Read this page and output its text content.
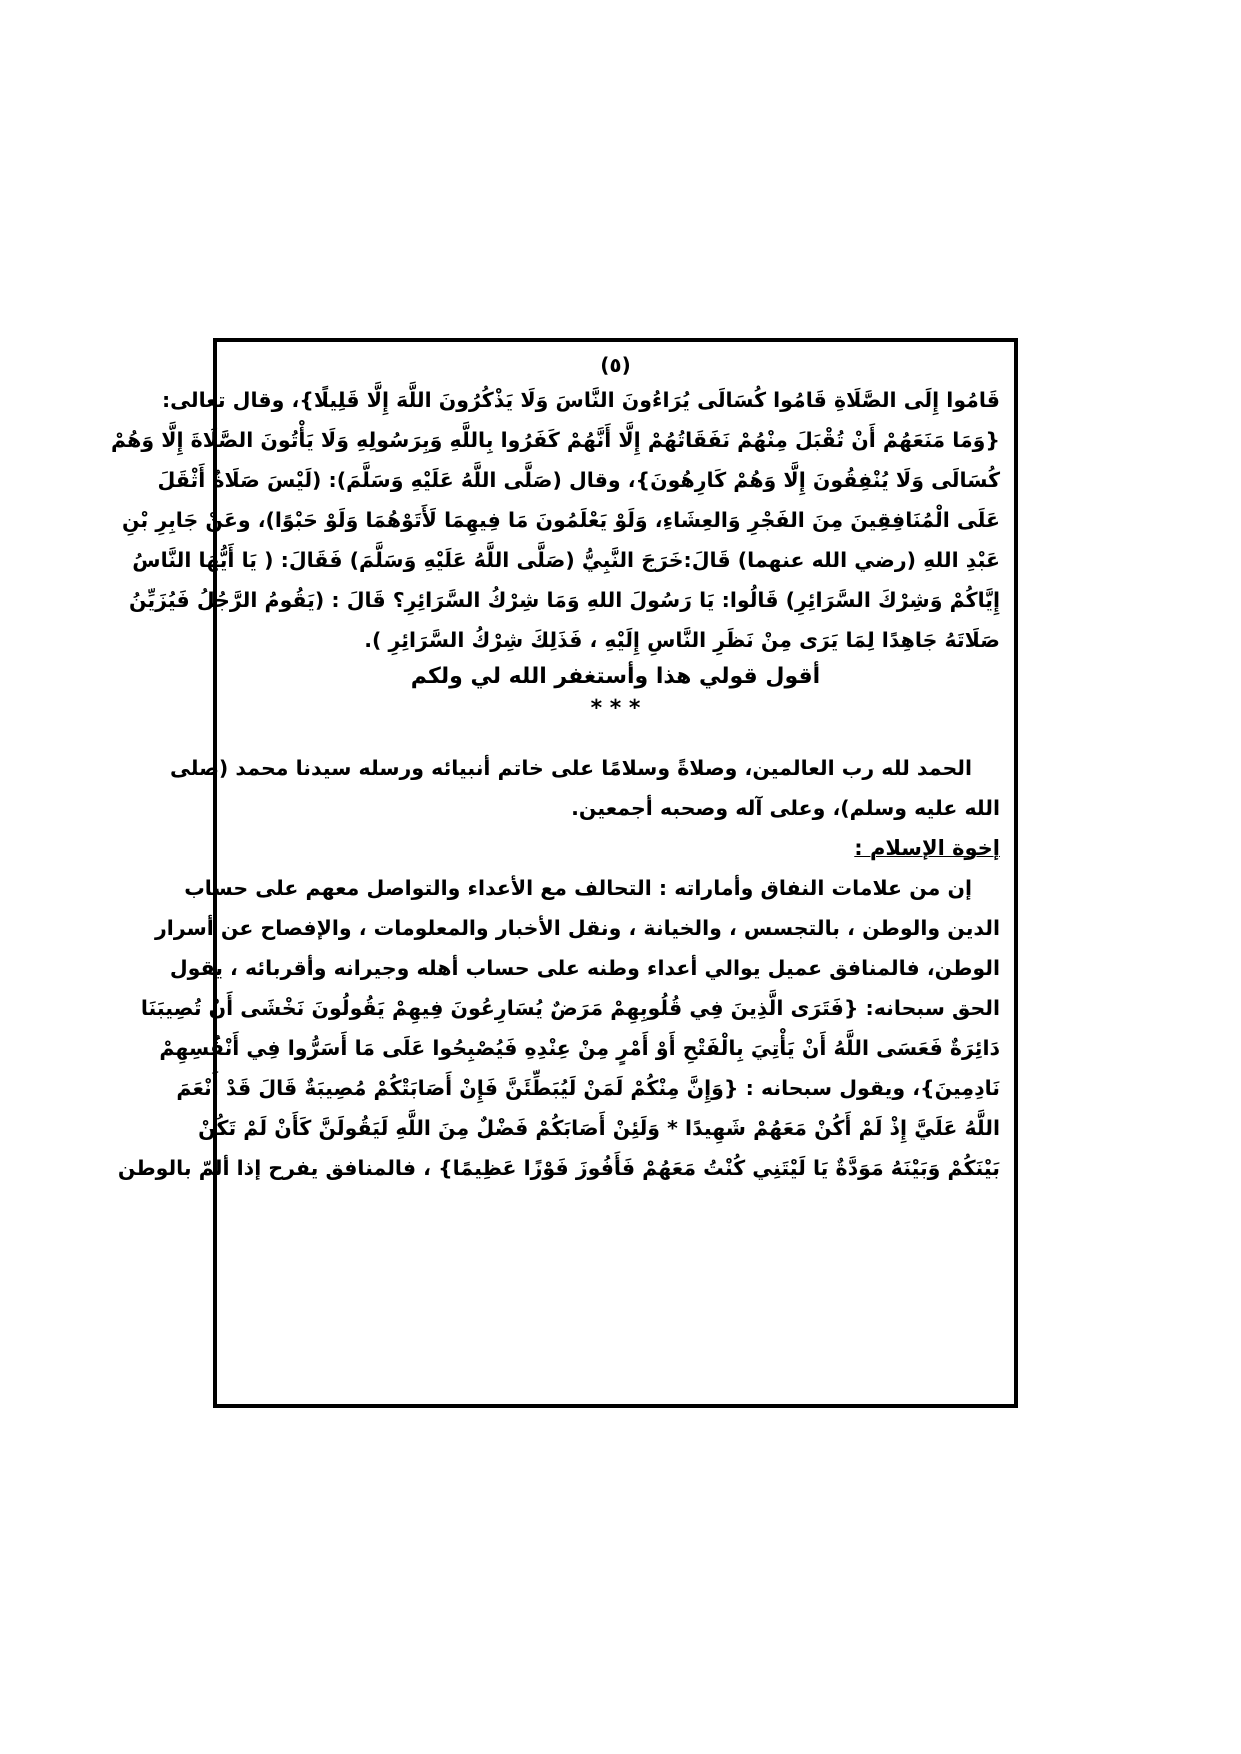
(٥)
قَامُوا إِلَى الصَّلَاةِ قَامُوا كُسَالَى يُرَاءُونَ النَّاسَ وَلَا يَذْكُرُونَ اللَّهَ إِلَّا قَلِيلًا}، وقال تعالى:
{وَمَا مَنَعَهُمْ أَنْ تُقْبَلَ مِنْهُمْ نَفَقَاتُهُمْ إِلَّا أَنَّهُمْ كَفَرُوا بِاللَّهِ وَبِرَسُولِهِ وَلَا يَأْتُونَ الصَّلَاةَ إِلَّا وَهُمْ
كُسَالَى وَلَا يُنْفِقُونَ إِلَّا وَهُمْ كَارِهُونَ}، وقال (صَلَّى اللَّهُ عَلَيْهِ وَسَلَّمَ): (لَيْسَ صَلَاةٌ أَثْقَلَ
عَلَى الْمُنَافِقِينَ مِنَ الفَجْرِ وَالعِشَاءِ، وَلَوْ يَعْلَمُونَ مَا فِيهِمَا لَأَتَوْهُمَا وَلَوْ حَبْوًا)، وعَنْ جَابِرِ بْنِ
عَبْدِ اللهِ (رضي الله عنهما) قَالَ:خَرَجَ النَّبِيُّ (صَلَّى اللَّهُ عَلَيْهِ وَسَلَّمَ) فَقَالَ: ( يَا أَيُّهَا النَّاسُ
إِيَّاكُمْ وَشِرْكَ السَّرَائِرِ) قَالُوا: يَا رَسُولَ اللهِ وَمَا شِرْكُ السَّرَائِرِ؟ قَالَ : (يَقُومُ الرَّجُلُ فَيُزَيِّنُ
صَلَاتَهُ جَاهِدًا لِمَا يَرَى مِنْ نَظَرِ النَّاسِ إِلَيْهِ ، فَذَلِكَ شِرْكُ السَّرَائِرِ ).
أقول قولي هذا وأستغفر الله لي ولكم
* * *
الحمد لله رب العالمين، وصلاةً وسلامًا على خاتم أنبيائه ورسله سيدنا محمد (صلى
الله عليه وسلم)، وعلى آله وصحبه أجمعين.
إخوة الإسلام :
إن من علامات النفاق وأماراته : التحالف مع الأعداء والتواصل معهم على حساب
الدين والوطن ، بالتجسس ، والخيانة ، ونقل الأخبار والمعلومات ، والإفصاح عن أسرار
الوطن، فالمنافق عميل يوالي أعداء وطنه على حساب أهله وجيرانه وأقربائه ، يقول
الحق سبحانه: {فَتَرَى الَّذِينَ فِي قُلُوبِهِمْ مَرَضٌ يُسَارِعُونَ فِيهِمْ يَقُولُونَ نَخْشَى أَنْ تُصِيبَنَا
دَائِرَةٌ فَعَسَى اللَّهُ أَنْ يَأْتِيَ بِالْفَتْحِ أَوْ أَمْرٍ مِنْ عِنْدِهِ فَيُصْبِحُوا عَلَى مَا أَسَرُّوا فِي أَنْفُسِهِمْ
نَادِمِينَ}، ويقول سبحانه : {وَإِنَّ مِنْكُمْ لَمَنْ لَيُبَطِّئَنَّ فَإِنْ أَصَابَتْكُمْ مُصِيبَةٌ قَالَ قَدْ أَنْعَمَ
اللَّهُ عَلَيَّ إِذْ لَمْ أَكُنْ مَعَهُمْ شَهِيدًا * وَلَئِنْ أَصَابَكُمْ فَضْلٌ مِنَ اللَّهِ لَيَقُولَنَّ كَأَنْ لَمْ تَكُنْ
بَيْنَكُمْ وَبَيْنَهُ مَوَدَّةٌ يَا لَيْتَنِي كُنْتُ مَعَهُمْ فَأَفُوزَ فَوْزًا عَظِيمًا} ، فالمنافق يفرح إذا ألمّ بالوطن
